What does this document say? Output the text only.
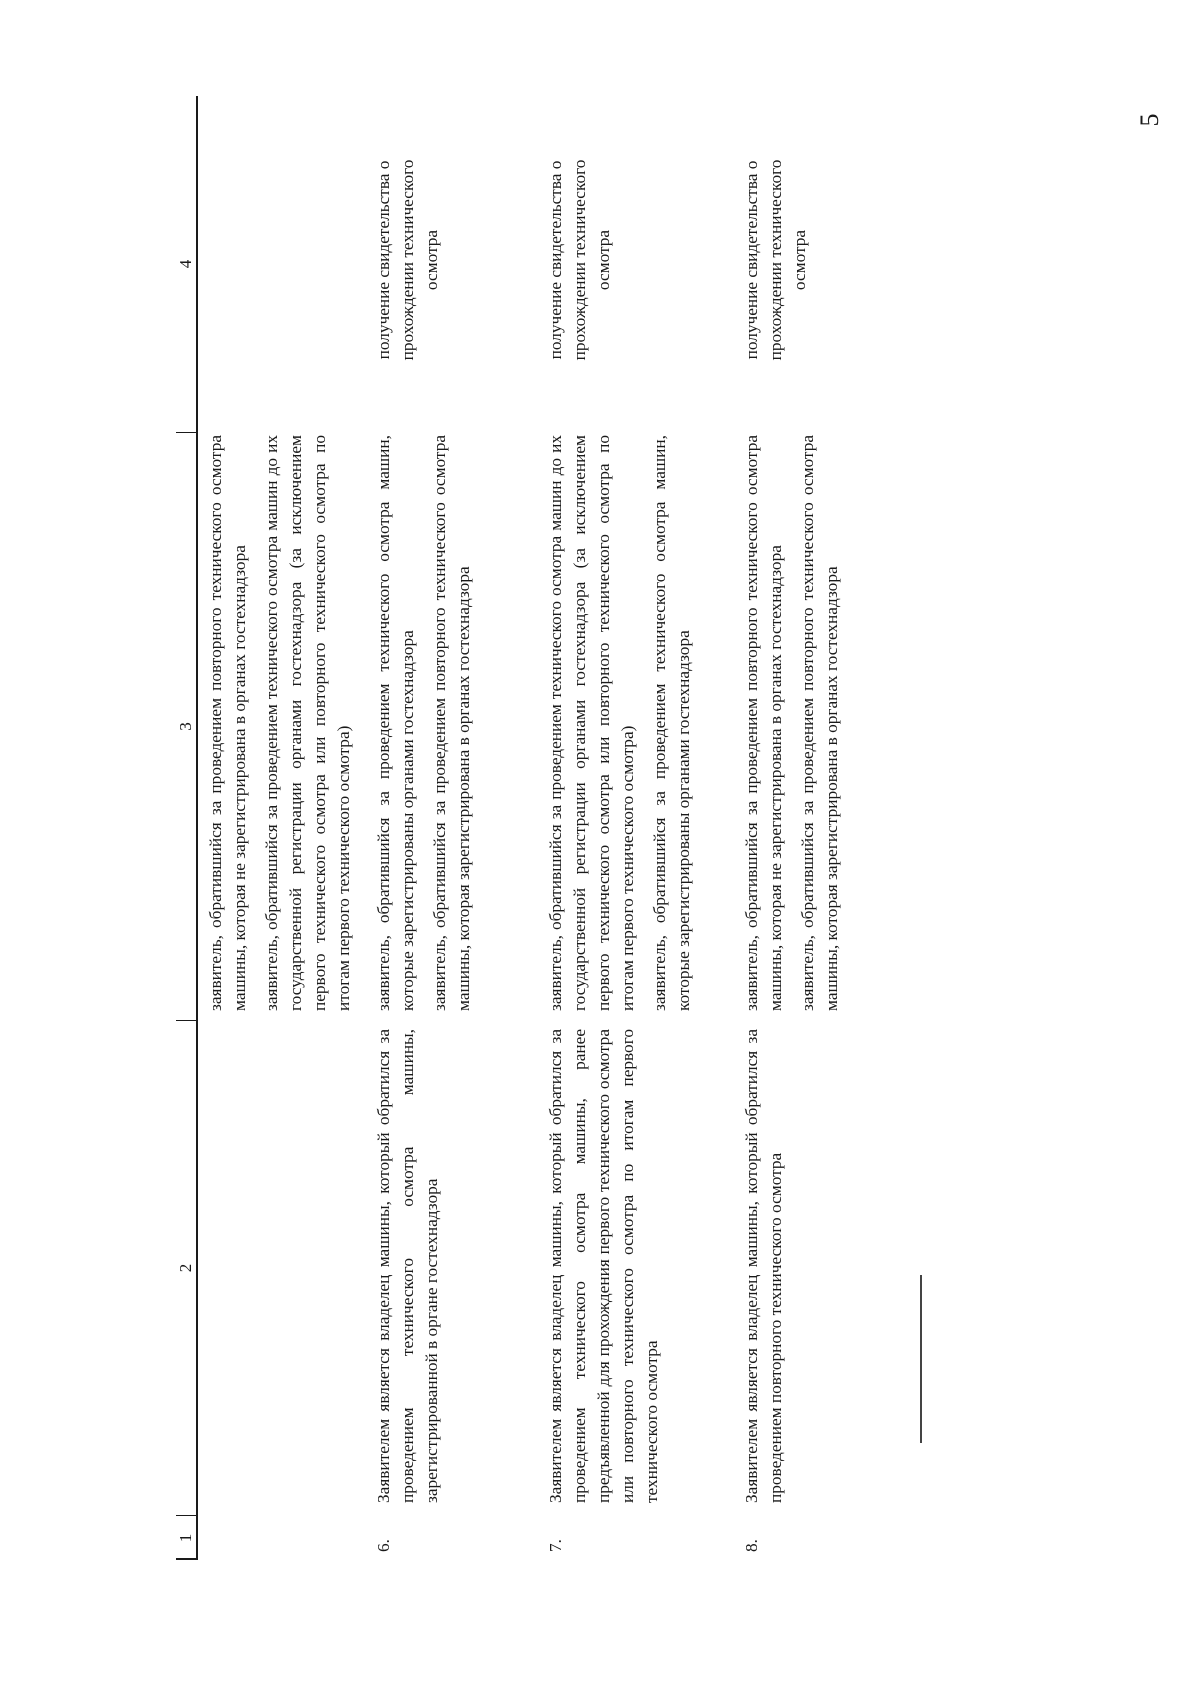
5
1
2
3
4

заявитель, обратившийся за проведением повторного технического осмотра машины, которая не зарегистрирована в органах гостехнадзора заявитель, обратившийся за проведением технического осмотра машин до их государственной регистрации органами гостехнадзора (за исключением первого технического осмотра или повторного технического осмотра по итогам первого технического осмотра)

6.

Заявителем является владелец машины, который обратился за проведением технического осмотра машины, зарегистрированной в органе гостехнадзора

заявитель, обратившийся за проведением технического осмотра машин, которые зарегистрированы органами гостехнадзора заявитель, обратившийся за проведением повторного технического осмотра машины, которая зарегистрирована в органах гостехнадзора

получение свидетельства о прохождении технического осмотра
7.

Заявителем является владелец машины, который обратился за проведением технического осмотра машины, ранее предъявленной для прохождения первого технического осмотра или повторного технического осмотра по итогам первого технического осмотра

заявитель, обратившийся за проведением технического осмотра машин до их государственной регистрации органами гостехнадзора (за исключением первого технического осмотра или повторного технического осмотра по итогам первого технического осмотра) заявитель, обратившийся за проведением технического осмотра машин, которые зарегистрированы органами гостехнадзора

получение свидетельства о прохождении технического осмотра
8.

Заявителем является владелец машины, который обратился за проведением повторного технического осмотра

заявитель, обратившийся за проведением повторного технического осмотра машины, которая не зарегистрирована в органах гостехнадзора заявитель, обратившийся за проведением повторного технического осмотра машины, которая зарегистрирована в органах гостехнадзора

получение свидетельства о прохождении технического осмотра
